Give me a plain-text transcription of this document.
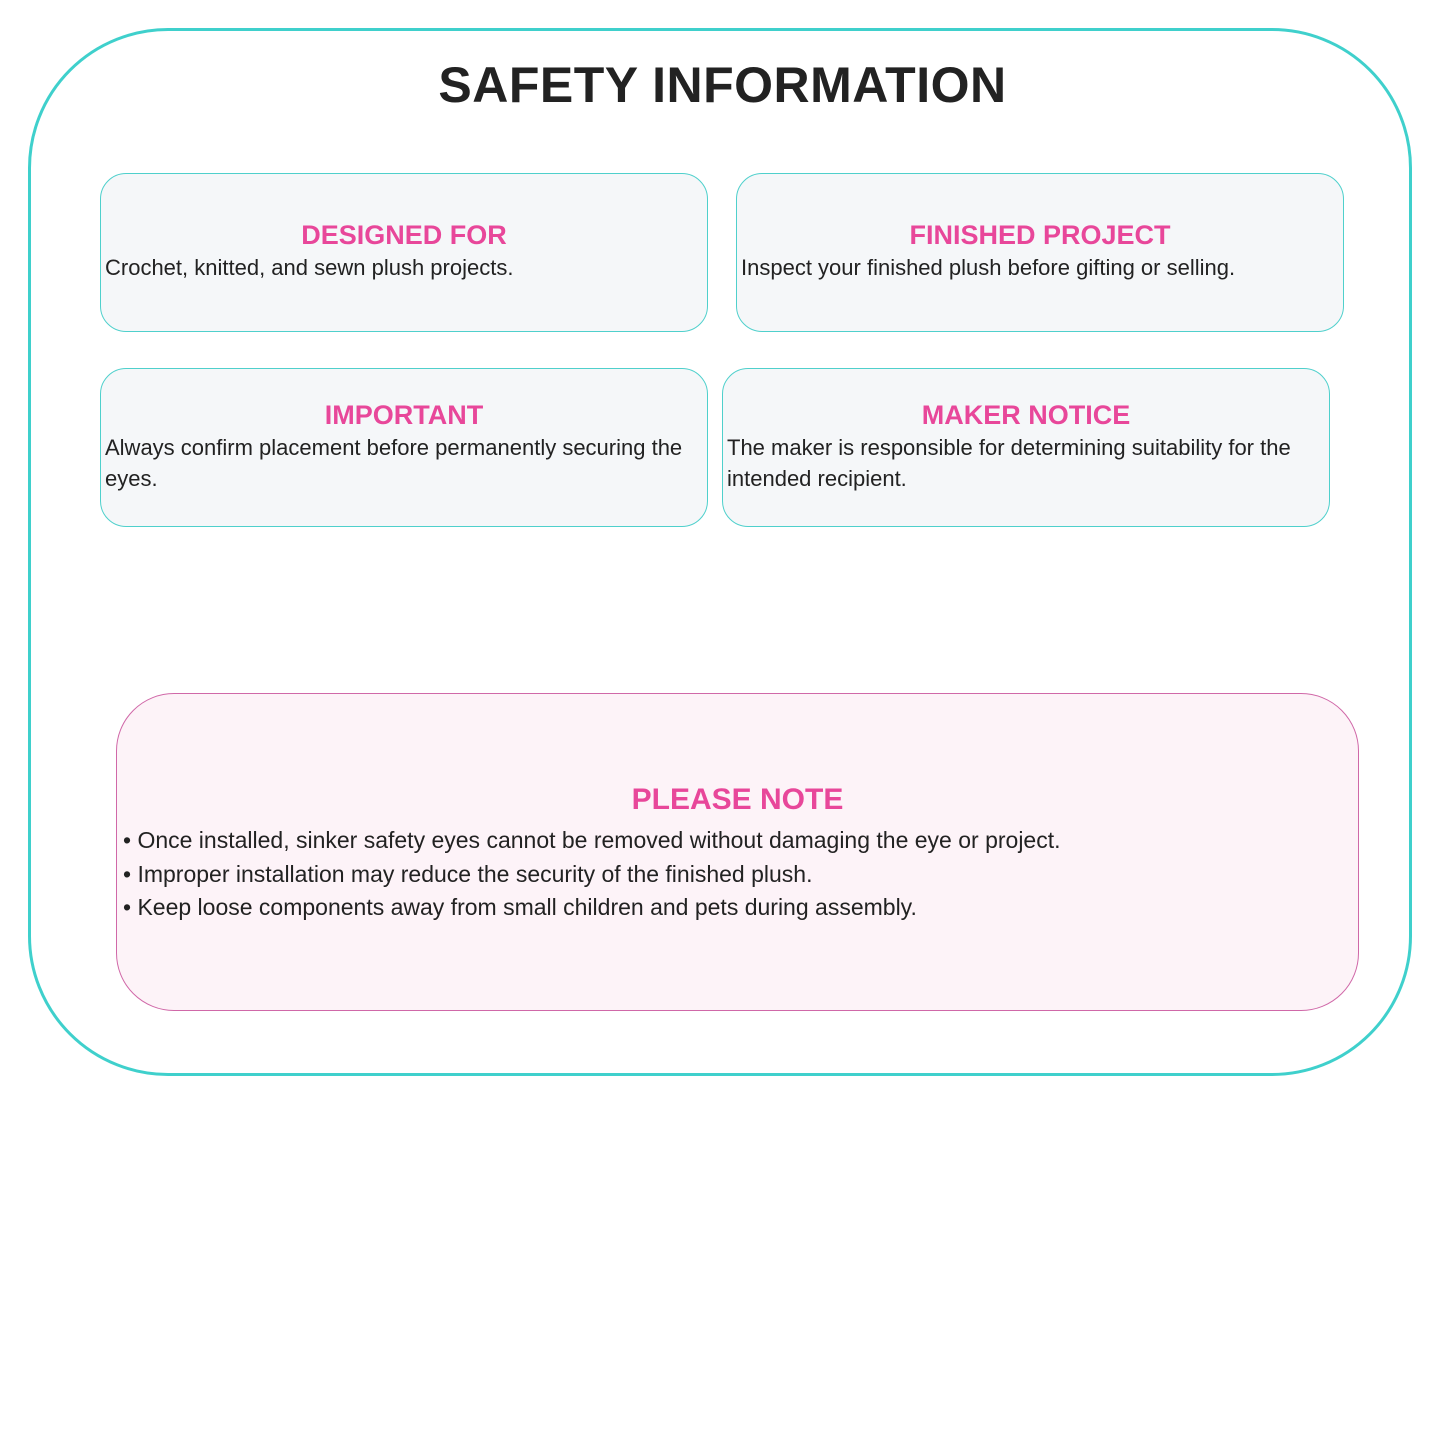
SAFETY INFORMATION

DESIGNED FOR

Crochet, knitted, and sewn plush projects.

FINISHED PROJECT

Inspect your finished plush before gifting or selling.

IMPORTANT

Always confirm placement before permanently securing the eyes.

MAKER NOTICE

The maker is responsible for determining suitability for the intended recipient.

PLEASE NOTE

• Once installed, sinker safety eyes cannot be removed without damaging the eye or project.
• Improper installation may reduce the security of the finished plush.
• Keep loose components away from small children and pets during assembly.
